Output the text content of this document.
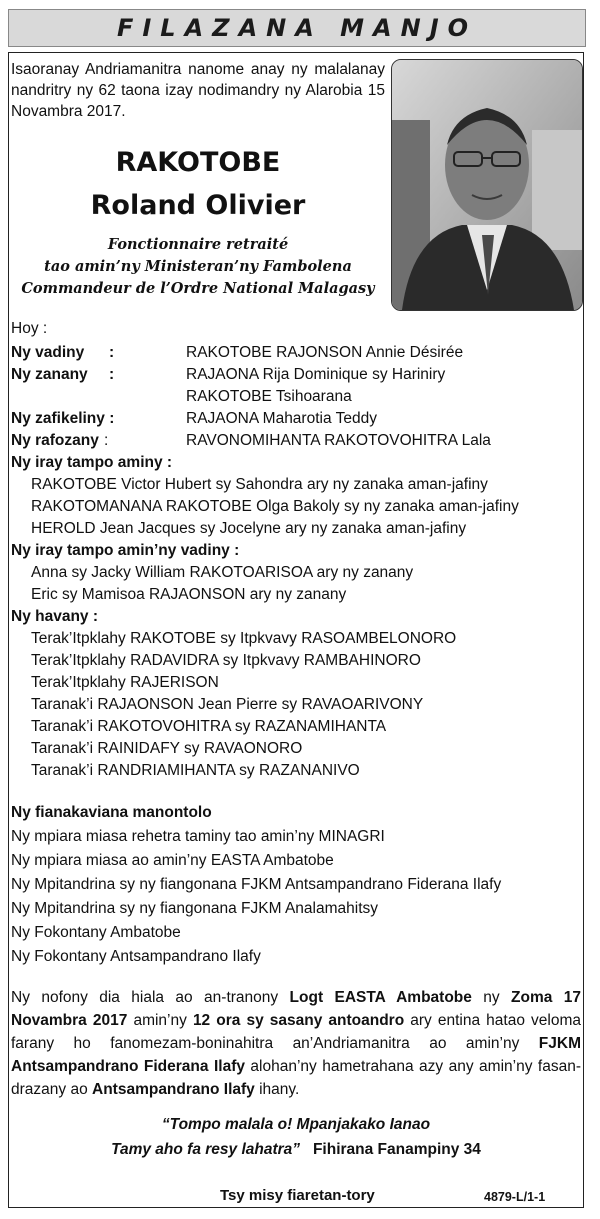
FILAZANA MANJO
Isaoranay Andriamanitra nanome anay ny malalanay nandritry ny 62 taona izay nodimandry ny Alarobia 15 Novambra 2017.
RAKOTOBE
Roland Olivier
Fonctionnaire retraité
tao amin’ny Ministeran’ny Fambolena
Commandeur de l’Ordre National Malagasy
Hoy :
Ny vadiny :	RAKOTOBE RAJONSON Annie Désirée
Ny zanany :	RAJAONA Rija Dominique sy Hariniry
RAKOTOBE Tsihoarana
Ny zafikeliny :	RAJAONA Maharotia Teddy
Ny rafozany :	RAVONOMIHANTA RAKOTOVOHITRA Lala
Ny iray tampo aminy :
RAKOTOBE Victor Hubert sy Sahondra ary ny zanaka aman-jafiny
RAKOTOMANANA RAKOTOBE Olga Bakoly sy ny zanaka aman-jafiny
HEROLD Jean Jacques sy Jocelyne ary ny zanaka aman-jafiny
Ny iray tampo amin’ny vadiny :
Anna sy Jacky William RAKOTOARISOA ary ny zanany
Eric sy Mamisoa RAJAONSON ary ny zanany
Ny havany :
Terak’Itpklahy RAKOTOBE sy Itpkvavy RASOAMBELONORO
Terak’Itpklahy RADAVIDRA sy Itpkvavy RAMBAHINORO
Terak’Itpklahy RAJERISON
Taranak’i RAJAONSON Jean Pierre sy RAVAOARIVONY
Taranak’i RAKOTOVOHITRA sy RAZANAMIHANTA
Taranak’i RAINIDAFY sy RAVAONORO
Taranak’i RANDRIAMIHANTA sy RAZANANIVO
Ny fianakaviana manontolo
Ny mpiara miasa rehetra taminy tao amin’ny MINAGRI
Ny mpiara miasa ao amin’ny EASTA Ambatobe
Ny Mpitandrina sy ny fiangonana FJKM Antsampandrano Fiderana Ilafy
Ny Mpitandrina sy ny fiangonana FJKM Analamahitsy
Ny Fokontany Ambatobe
Ny Fokontany Antsampandrano Ilafy
Ny nofony dia hiala ao an-tranony Logt EASTA Ambatobe ny Zoma 17 Novambra 2017 amin’ny 12 ora sy sasany antoandro ary entina hatao veloma farany ho fanomezam-boninahitra an’Andriamanitra ao amin’ny FJKM Antsampandrano Fiderana Ilafy alohan’ny hametrahana azy any amin’ny fasan-drazany ao Antsampandrano Ilafy ihany.
“Tompo malala o! Mpanjakako Ianao
Tamy aho fa resy lahatra” Fihirana Fanampiny 34
Tsy misy fiaretan-tory	4879-L/1-1
